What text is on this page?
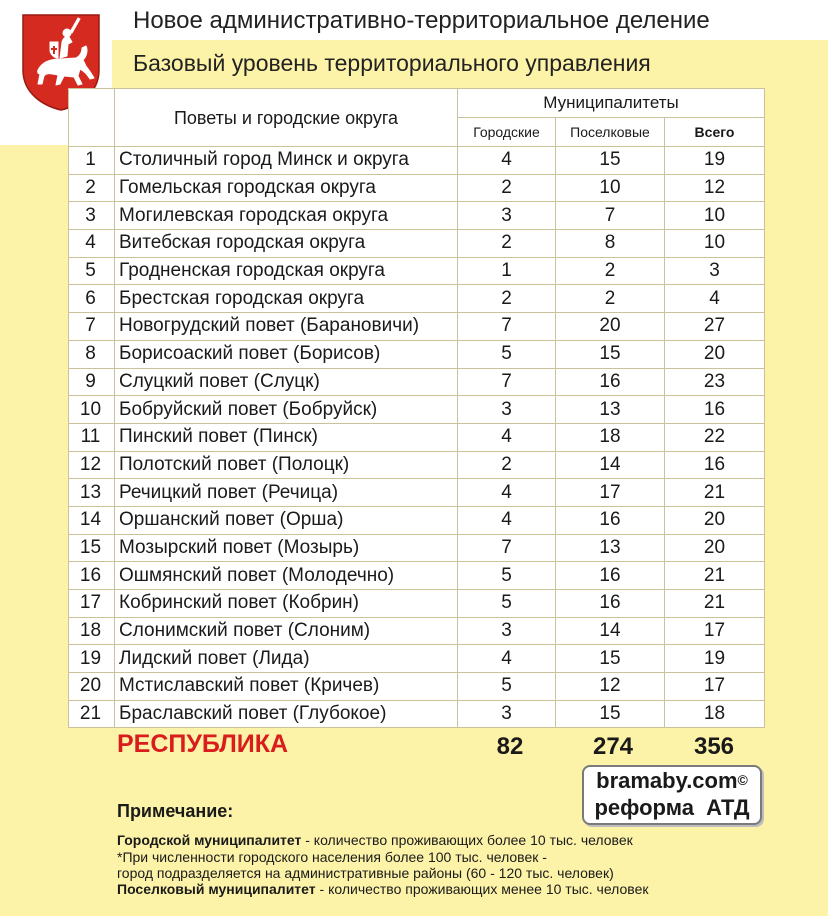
Новое административно-территориальное деление
Базовый уровень территориального управления
	Поветы и городские округа	Муниципалитеты		
		Городские	Поселковые	Всего
1	Столичный город Минск и округа	4	15	19
2	Гомельская городская округа	2	10	12
3	Могилевская городская округа	3	7	10
4	Витебская городская округа	2	8	10
5	Гродненская городская округа	1	2	3
6	Брестская городская округа	2	2	4
7	Новогрудский повет (Барановичи)	7	20	27
8	Борисоаский повет (Борисов)	5	15	20
9	Слуцкий повет (Слуцк)	7	16	23
10	Бобруйский повет (Бобруйск)	3	13	16
11	Пинский повет (Пинск)	4	18	22
12	Полотский повет (Полоцк)	2	14	16
13	Речицкий повет (Речица)	4	17	21
14	Оршанский повет (Орша)	4	16	20
15	Мозырский повет (Мозырь)	7	13	20
16	Ошмянский повет (Молодечно)	5	16	21
17	Кобринский повет (Кобрин)	5	16	21
18	Слонимский повет (Слоним)	3	14	17
19	Лидский повет (Лида)	4	15	19
20	Мстиславский повет (Кричев)	5	12	17
21	Браславский повет (Глубокое)	3	15	18
РЕСПУБЛИКА	82	274	356
bramaby.com©
реформа  АТД
Примечание:
Городской муниципалитет - количество проживающих более 10 тыс. человек
*При численности городского населения более 100 тыс. человек -
город подразделяется на административные районы (60 - 120 тыс. человек)
Поселковый муниципалитет - количество проживающих менее 10 тыс. человек
